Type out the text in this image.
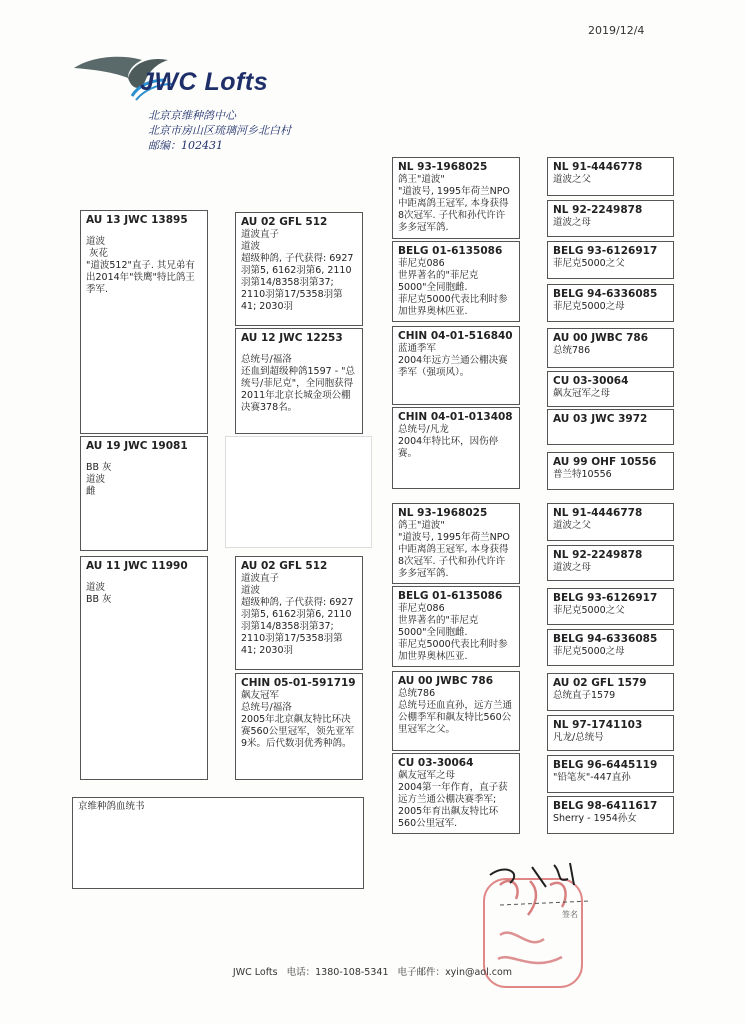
2019/12/4
JWC Lofts
北京京维种鸽中心
北京市房山区琉璃河乡北白村
邮编：102431
AU 13 JWC 13895
道波
灰花
"道波512"直子. 其兄弟有出2014年"铁鹰"特比鸽王季军.
AU 02 GFL 512
道波直子
道波
超级种鸽, 子代获得: 6927羽第5, 6162羽第6, 2110羽第14/8358羽第37; 2110羽第17/5358羽第41; 2030羽
AU 12 JWC 12253
总统号/福洛
还血到超级种鸽1597 - "总统号/菲尼克"，全同胞获得2011年北京长城金项公棚决赛378名。
NL 93-1968025
鸽王"道波"
"道波号, 1995年荷兰NPO中距离鸽王冠军, 本身获得8次冠军. 子代和孙代许许多多冠军鸽.
BELG 01-6135086
菲尼克086
世界著名的"菲尼克5000"全同胞雌.
菲尼克5000代表比利时参加世界奥林匹亚.
CHIN 04-01-516840
蓝通季军
2004年远方兰通公棚决赛季军（强项风）。
CHIN 04-01-013408
总统号/凡龙
2004年特比环，因伤停赛。
NL 91-4446778
道波之父
NL 92-2249878
道波之母
BELG 93-6126917
菲尼克5000之父
BELG 94-6336085
菲尼克5000之母
AU 00 JWBC 786
总统786
CU 03-30064
飙友冠军之母
AU 03 JWC 3972
AU 99 OHF 10556
普兰特10556
AU 19 JWC 19081
BB 灰
道波
雌
AU 11 JWC 11990
道波
BB 灰
AU 02 GFL 512
道波直子
道波
超级种鸽, 子代获得: 6927羽第5, 6162羽第6, 2110羽第14/8358羽第37; 2110羽第17/5358羽第41; 2030羽
CHIN 05-01-591719
飙友冠军
总统号/福洛
2005年北京飙友特比环决赛560公里冠军，领先亚军9米。后代数羽优秀种鸽。
NL 93-1968025
鸽王"道波"
"道波号, 1995年荷兰NPO中距离鸽王冠军, 本身获得8次冠军. 子代和孙代许许多多冠军鸽.
BELG 01-6135086
菲尼克086
世界著名的"菲尼克5000"全同胞雌.
菲尼克5000代表比利时参加世界奥林匹亚.
AU 00 JWBC 786
总统786
总统号还血直孙，远方兰通公棚季军和飙友特比560公里冠军之父。
CU 03-30064
飙友冠军之母
2004第一年作育，直子获远方兰通公棚决赛季军; 2005年育出飙友特比环560公里冠军.
NL 91-4446778
道波之父
NL 92-2249878
道波之母
BELG 93-6126917
菲尼克5000之父
BELG 94-6336085
菲尼克5000之母
AU 02 GFL 1579
总统直子1579
NL 97-1741103
凡龙/总统号
BELG 96-6445119
"铅笔灰"-447直孙
BELG 98-6411617
Sherry - 1954孙女
京维种鸽血统书
签名
JWC Lofts 电话：1380-108-5341 电子邮件：xyin@aol.com
